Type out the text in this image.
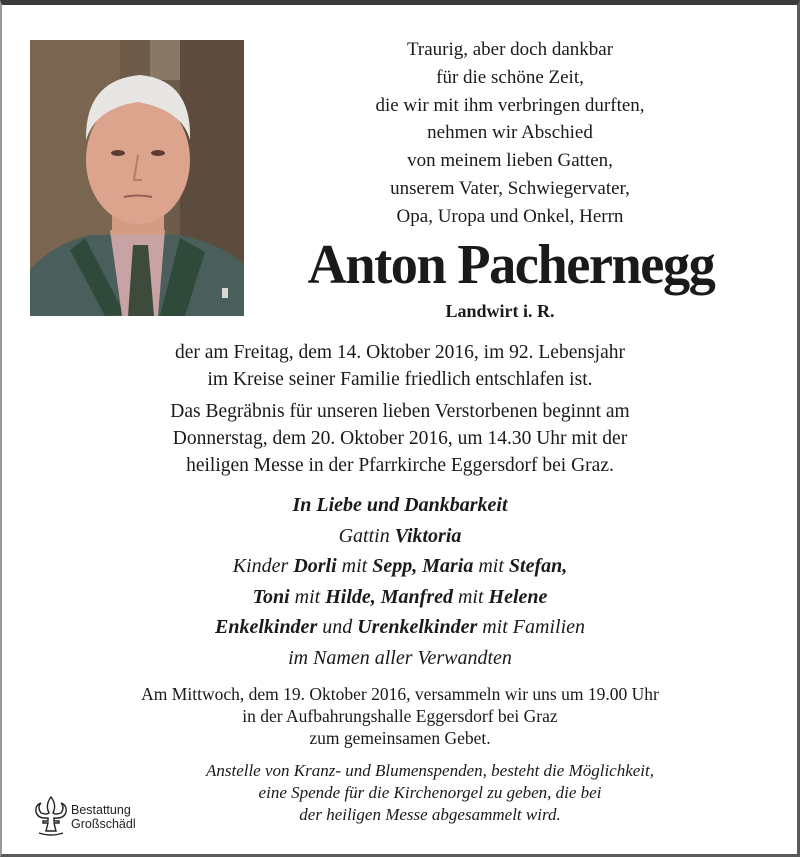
Traurig, aber doch dankbar
für die schöne Zeit,
die wir mit ihm verbringen durften,
nehmen wir Abschied
von meinem lieben Gatten,
unserem Vater, Schwiegervater,
Opa, Uropa und Onkel, Herrn
Anton Pachernegg
Landwirt i. R.
der am Freitag, dem 14. Oktober 2016, im 92. Lebensjahr
im Kreise seiner Familie friedlich entschlafen ist.
Das Begräbnis für unseren lieben Verstorbenen beginnt am
Donnerstag, dem 20. Oktober 2016, um 14.30 Uhr mit der
heiligen Messe in der Pfarrkirche Eggersdorf bei Graz.
In Liebe und Dankbarkeit
Gattin Viktoria
Kinder Dorli mit Sepp, Maria mit Stefan,
Toni mit Hilde, Manfred mit Helene
Enkelkinder und Urenkelkinder mit Familien
im Namen aller Verwandten
Am Mittwoch, dem 19. Oktober 2016, versammeln wir uns um 19.00 Uhr
in der Aufbahrungshalle Eggersdorf bei Graz
zum gemeinsamen Gebet.
Anstelle von Kranz- und Blumenspenden, besteht die Möglichkeit,
eine Spende für die Kirchenorgel zu geben, die bei
der heiligen Messe abgesammelt wird.
Bestattung
Großschädl
